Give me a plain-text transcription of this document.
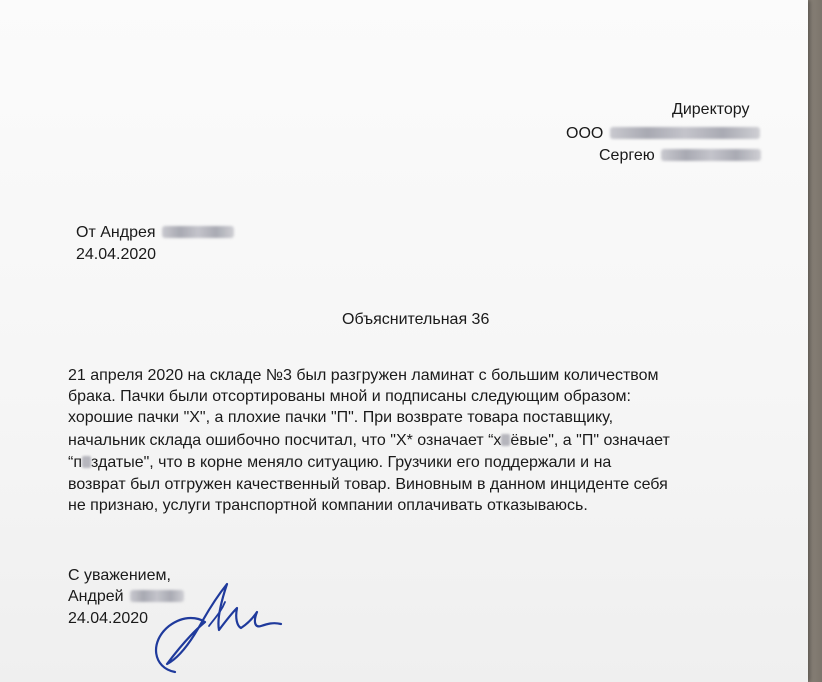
Директору
ООО
Сергею
От Андрея
24.04.2020
Объяснительная 36
21 апреля 2020 на складе №3 был разгружен ламинат с большим количеством
брака. Пачки были отсортированы мной и подписаны следующим образом:
хорошие пачки "Х", а плохие пачки "П". При возврате товара поставщику,
начальник склада ошибочно посчитал, что "Х* означает “х ёвые", а "П" означает
“п здатые", что в корне меняло ситуацию. Грузчики его поддержали и на
возврат был отгружен качественный товар. Виновным в данном инциденте себя
не признаю, услуги транспортной компании оплачивать отказываюсь.
С уважением,
Андрей
24.04.2020
